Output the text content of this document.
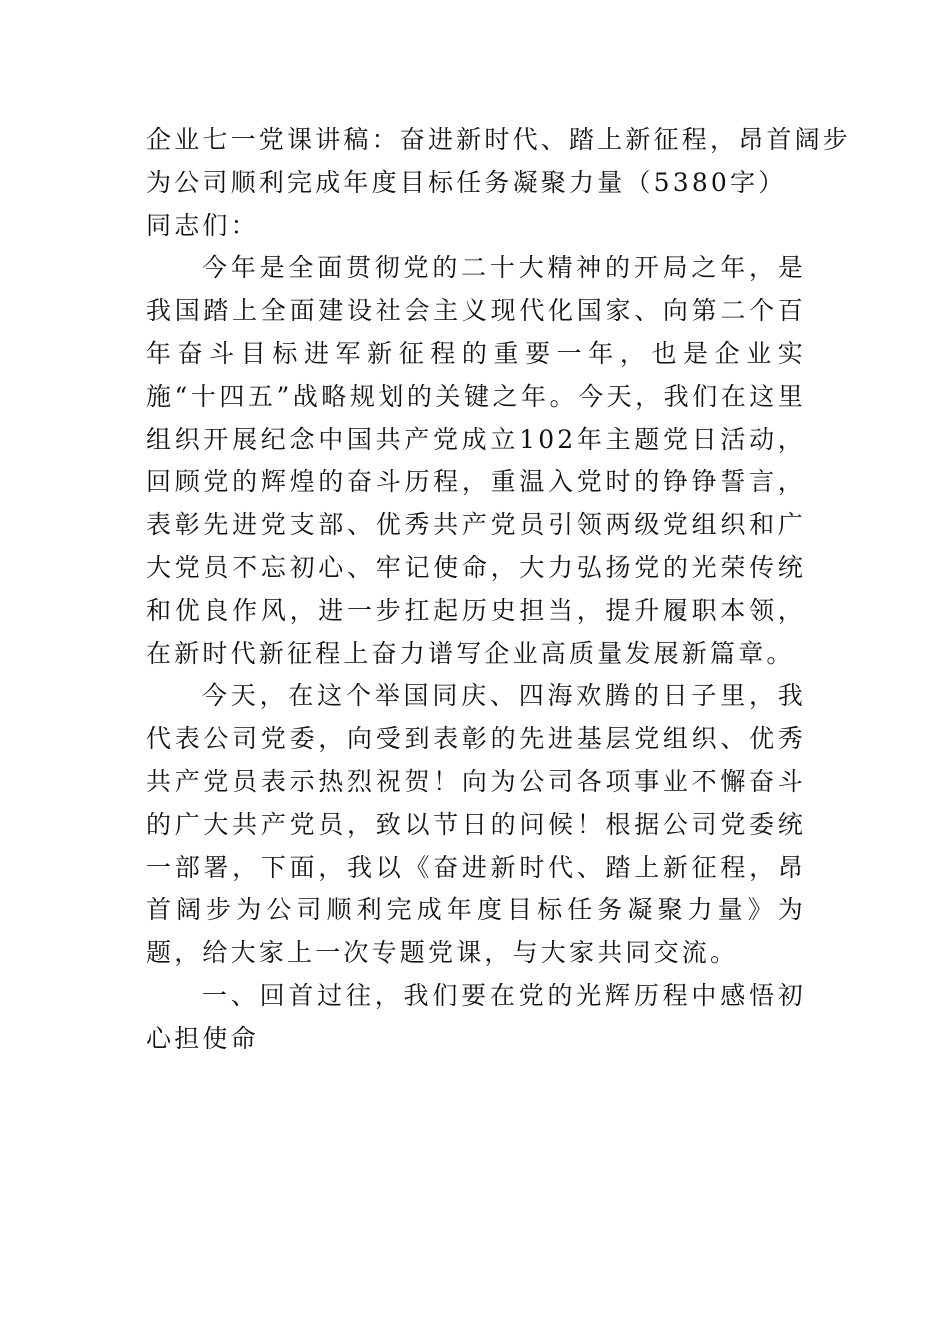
企业七一党课讲稿：奋进新时代、踏上新征程，昂首阔步

为公司顺利完成年度目标任务凝聚力量（5380字）

同志们：

今年是全面贯彻党的二十大精神的开局之年，是我国踏上全面建设社会主义现代化国家、向第二个百年奋斗目标进军新征程的重要一年，也是企业实施“十四五”战略规划的关键之年。今天，我们在这里组织开展纪念中国共产党成立102年主题党日活动，回顾党的辉煌的奋斗历程，重温入党时的铮铮誓言，表彰先进党支部、优秀共产党员引领两级党组织和广大党员不忘初心、牢记使命，大力弘扬党的光荣传统和优良作风，进一步扛起历史担当，提升履职本领，在新时代新征程上奋力谱写企业高质量发展新篇章。

今天，在这个举国同庆、四海欢腾的日子里，我代表公司党委，向受到表彰的先进基层党组织、优秀共产党员表示热烈祝贺！向为公司各项事业不懈奋斗的广大共产党员，致以节日的问候！根据公司党委统一部署，下面，我以《奋进新时代、踏上新征程，昂首阔步为公司顺利完成年度目标任务凝聚力量》为题，给大家上一次专题党课，与大家共同交流。

一、回首过往，我们要在党的光辉历程中感悟初心担使命
